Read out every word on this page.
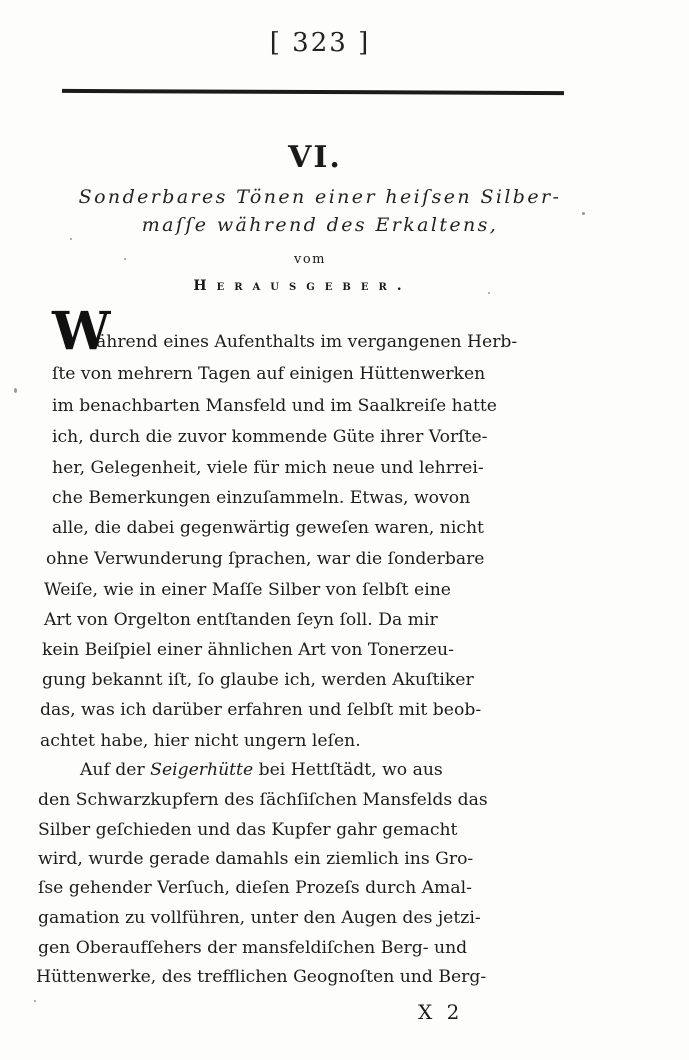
[ 323 ]
VI.
Sonderbares Tönen einer heiſsen Silber-
maſſe während des Erkaltens,
vom
Herausgeber.
W
ährend eines Aufenthalts im vergangenen Herb-
ſte von mehrern Tagen auf einigen Hüttenwerken
im benachbarten Mansfeld und im Saalkreiſe hatte
ich, durch die zuvor kommende Güte ihrer Vorſte-
her, Gelegenheit, viele für mich neue und lehrrei-
che Bemerkungen einzuſammeln. Etwas, wovon
alle, die dabei gegenwärtig geweſen waren, nicht
ohne Verwunderung ſprachen, war die ſonderbare
Weiſe, wie in einer Maſſe Silber von ſelbſt eine
Art von Orgelton entſtanden ſeyn ſoll. Da mir
kein Beiſpiel einer ähnlichen Art von Tonerzeu-
gung bekannt iſt, ſo glaube ich, werden Akuſtiker
das, was ich darüber erfahren und ſelbſt mit beob-
achtet habe, hier nicht ungern leſen.
Auf der Seigerhütte bei Hettſtädt, wo aus
den Schwarzkupfern des ſächſiſchen Mansfelds das
Silber geſchieden und das Kupfer gahr gemacht
wird, wurde gerade damahls ein ziemlich ins Gro-
ſse gehender Verſuch, dieſen Prozeſs durch Amal-
gamation zu vollführen, unter den Augen des jetzi-
gen Oberaufſehers der mansfeldiſchen Berg- und
Hüttenwerke, des trefflichen Geognoſten und Berg-
X 2
